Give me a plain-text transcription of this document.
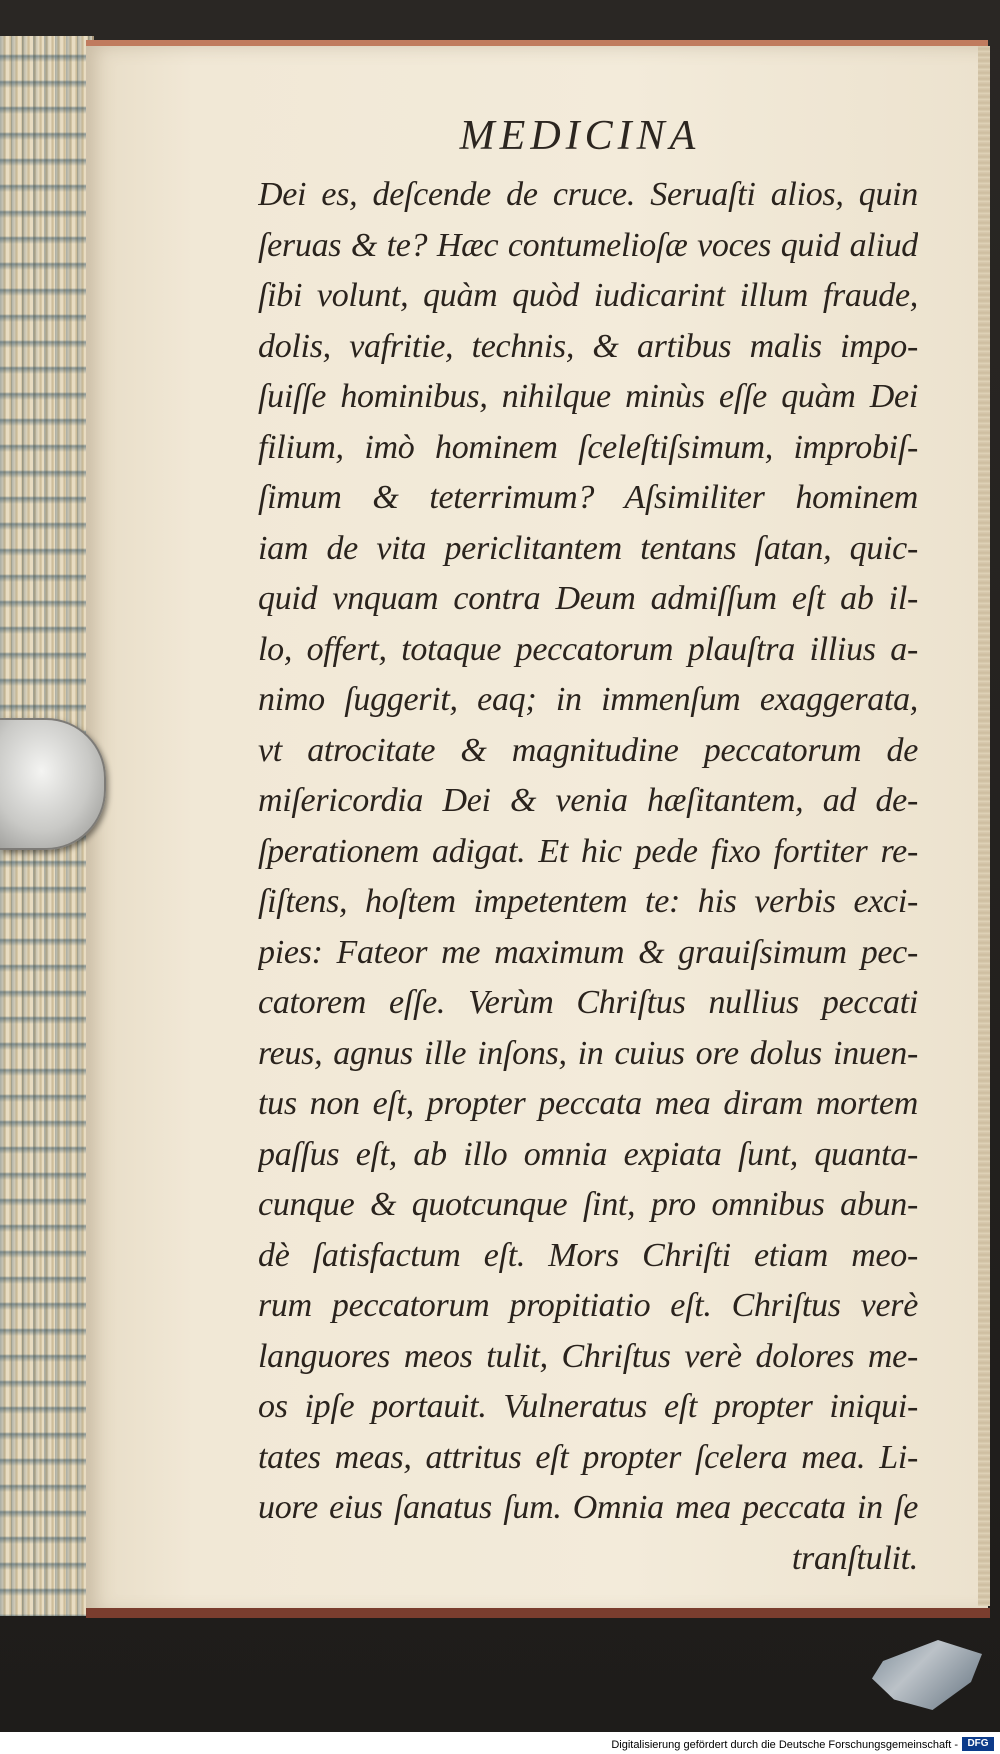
MEDICINA
Dei es, deſcende de cruce. Seruaſti alios, quin
ſeruas & te? Hæc contumelioſæ voces quid aliud
ſibi volunt, quàm quòd iudicarint illum fraude,
dolis, vafritie, technis, & artibus malis impo-
ſuiſſe hominibus, nihilque minùs eſſe quàm Dei
filium, imò hominem ſceleſtiſsimum, improbiſ-
ſimum & teterrimum? Aſsimiliter hominem
iam de vita periclitantem tentans ſatan, quic-
quid vnquam contra Deum admiſſum eſt ab il-
lo, offert, totaque peccatorum plauſtra illius a-
nimo ſuggerit, eaq; in immenſum exaggerata,
vt atrocitate & magnitudine peccatorum de
miſericordia Dei & venia hæſitantem, ad de-
ſperationem adigat. Et hic pede fixo fortiter re-
ſiſtens, hoſtem impetentem te: his verbis exci-
pies: Fateor me maximum & grauiſsimum pec-
catorem eſſe. Verùm Chriſtus nullius peccati
reus, agnus ille inſons, in cuius ore dolus inuen-
tus non eſt, propter peccata mea diram mortem
paſſus eſt, ab illo omnia expiata ſunt, quanta-
cunque & quotcunque ſint, pro omnibus abun-
dè ſatisfactum eſt. Mors Chriſti etiam meo-
rum peccatorum propitiatio eſt. Chriſtus verè
languores meos tulit, Chriſtus verè dolores me-
os ipſe portauit. Vulneratus eſt propter iniqui-
tates meas, attritus eſt propter ſcelera mea. Li-
uore eius ſanatus ſum. Omnia mea peccata in ſe
tranſtulit.
Digitalisierung gefördert durch die Deutsche Forschungsgemeinschaft - DFG
